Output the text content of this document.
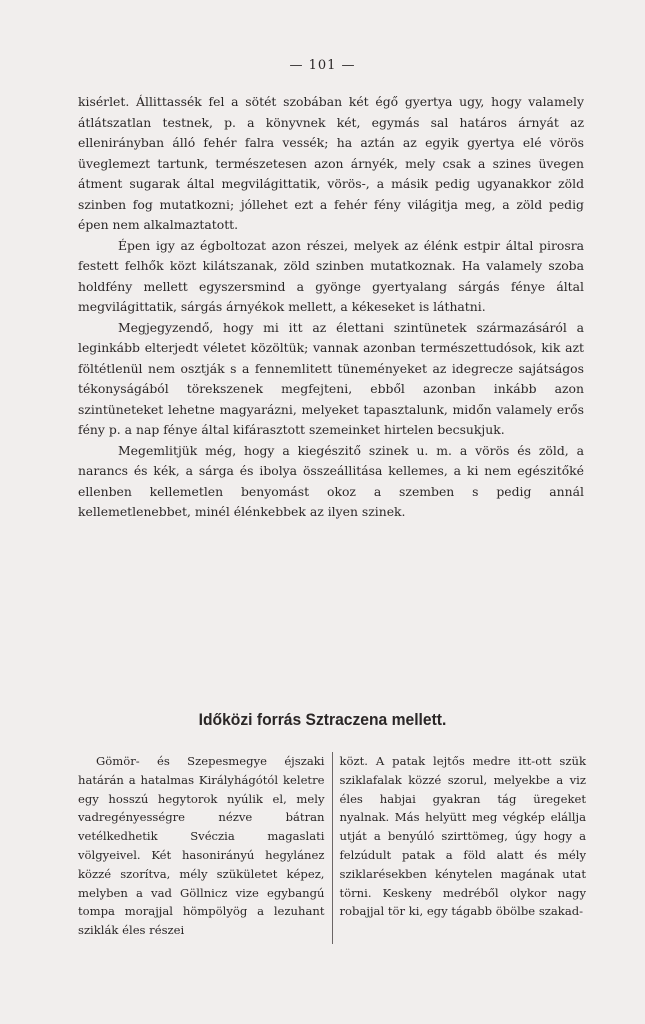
— 101 —

kisérlet. Állittassék fel a sötét szobában két égő gyertya ugy, hogy valamely átlátszatlan testnek, p. a könyvnek két, egymás sal határos árnyát az ellenirányban álló fehér falra vessék; ha aztán az egyik gyertya elé vörös üveglemezt tartunk, természetesen azon árnyék, mely csak a szines üvegen átment sugarak által megvilágittatik, vörös-, a másik pedig ugyanakkor zöld szinben fog mutatkozni; jóllehet ezt a fehér fény világitja meg, a zöld pedig épen nem alkalmaztatott.

Épen igy az égboltozat azon részei, melyek az élénk estpir által pirosra festett felhők közt kilátszanak, zöld szinben mutatkoznak. Ha valamely szoba holdfény mellett egyszersmind a gyönge gyertyalang sárgás fénye által megvilágittatik, sárgás árnyékok mellett, a kékeseket is láthatni.

Megjegyzendő, hogy mi itt az élettani szintünetek származásáról a leginkább elterjedt véletet közöltük; vannak azonban természettudósok, kik azt föltétlenül nem osztják s a fennemlitett tüneményeket az idegrecze sajátságos tékonyságából törekszenek megfejteni, ebből azonban inkább azon szintüneteket lehetne magyarázni, melyeket tapasztalunk, midőn valamely erős fény p. a nap fénye által kifárasztott szemeinket hirtelen becsukjuk.

Megemlitjük még, hogy a kiegészitő szinek u. m. a vörös és zöld, a narancs és kék, a sárga és ibolya összeállitása kellemes, a ki nem egészitőké ellenben kellemetlen benyomást okoz a szemben s pedig annál kellemetlenebbet, minél élénkebbek az ilyen szinek.

Időközi forrás Sztraczena mellett.

Gömör- és Szepesmegye éjszaki határán a hatalmas Királyhágótól keletre egy hosszú hegytorok nyúlik el, mely vadregényességre nézve bátran vetélkedhetik Svéczia magaslati völgyeivel. Két hasonirányú hegylánez közzé szorítva, mély szükületet képez, melyben a vad Göllnicz vize egybangú tompa morajjal hömpölyög a lezuhant sziklák éles részei

közt. A patak lejtős medre itt-ott szük sziklafalak közzé szorul, melyekbe a viz éles habjai gyakran tág üregeket nyalnak. Más helyütt meg végkép elállja utját a benyúló szirttömeg, úgy hogy a felzúdult patak a föld alatt és mély sziklarésekben kénytelen magának utat törni. Keskeny medréből olykor nagy robajjal tör ki, egy tágabb öbölbe szakad-
